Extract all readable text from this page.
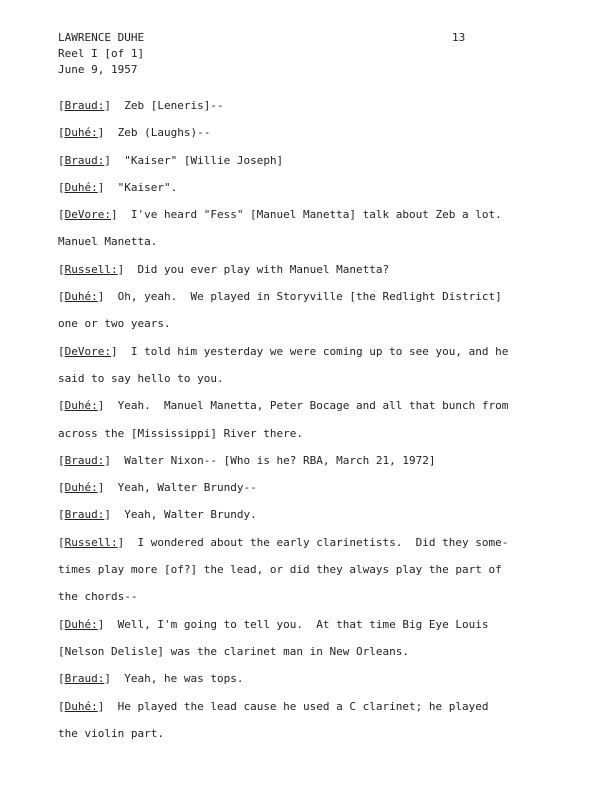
LAWRENCE DUHE
Reel I [of 1]
June 9, 1957
13
[Braud:]  Zeb [Leneris]--
[Duhé:]  Zeb (Laughs)--
[Braud:]  "Kaiser" [Willie Joseph]
[Duhé:]  "Kaiser".
[DeVore:]  I've heard "Fess" [Manuel Manetta] talk about Zeb a lot.
Manuel Manetta.
[Russell:]  Did you ever play with Manuel Manetta?
[Duhé:]  Oh, yeah.  We played in Storyville [the Redlight District]
one or two years.
[DeVore:]  I told him yesterday we were coming up to see you, and he
said to say hello to you.
[Duhé:]  Yeah.  Manuel Manetta, Peter Bocage and all that bunch from
across the [Mississippi] River there.
[Braud:]  Walter Nixon-- [Who is he? RBA, March 21, 1972]
[Duhé:]  Yeah, Walter Brundy--
[Braud:]  Yeah, Walter Brundy.
[Russell:]  I wondered about the early clarinetists.  Did they some-
times play more [of?] the lead, or did they always play the part of
the chords--
[Duhé:]  Well, I'm going to tell you.  At that time Big Eye Louis
[Nelson Delisle] was the clarinet man in New Orleans.
[Braud:]  Yeah, he was tops.
[Duhé:]  He played the lead cause he used a C clarinet; he played
the violin part.
